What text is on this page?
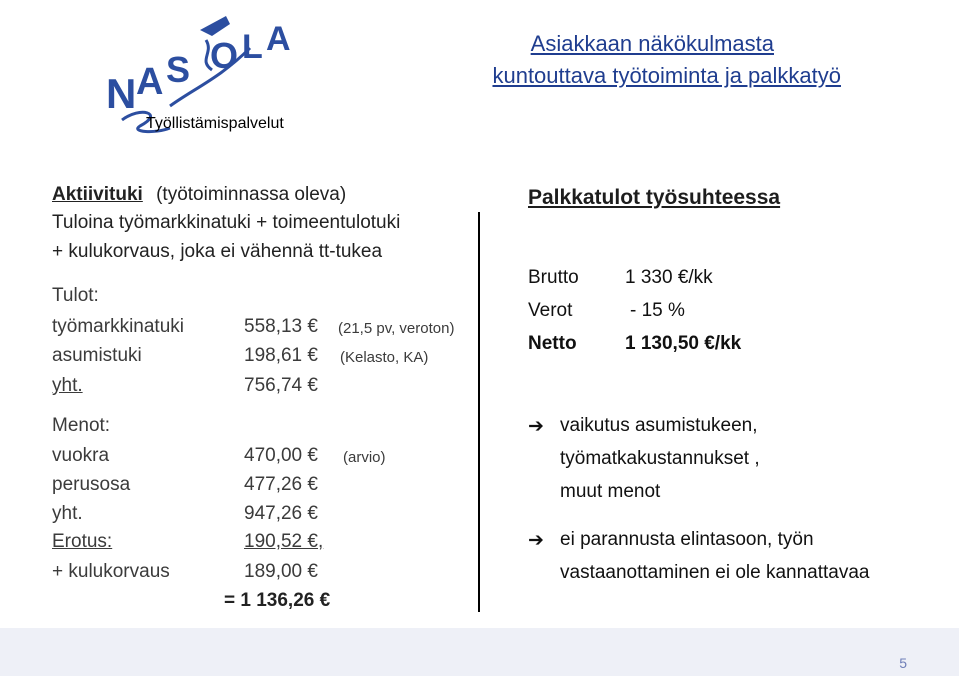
N A S O L A
Työllistämispalvelut
Asiakkaan näkökulmasta
kuntouttava työtoiminta ja palkkatyö
Aktiivituki (työtoiminnassa oleva)
Tuloina työmarkkinatuki + toimeentulotuki
+ kulukorvaus, joka ei vähennä tt-tukea
Tulot:
työmarkkinatuki	558,13 € (21,5 pv, veroton)
asumistuki	198,61 € (Kelasto, KA)
yht.	756,74 €
Menot:
vuokra	470,00 € (arvio)
perusosa	477,26 €
yht.	947,26 €
Erotus:	190,52 €,
+ kulukorvaus	189,00 €
= 1 136,26 €
Palkkatulot työsuhteessa
Brutto 1 330 €/kk
Verot	- 15 %
Netto	1 130,50 €/kk
➔ vaikutus asumistukeen,
työmatkakustannukset ,
muut menot
➔ ei parannusta elintasoon, työn
vastaanottaminen ei ole kannattavaa
5
